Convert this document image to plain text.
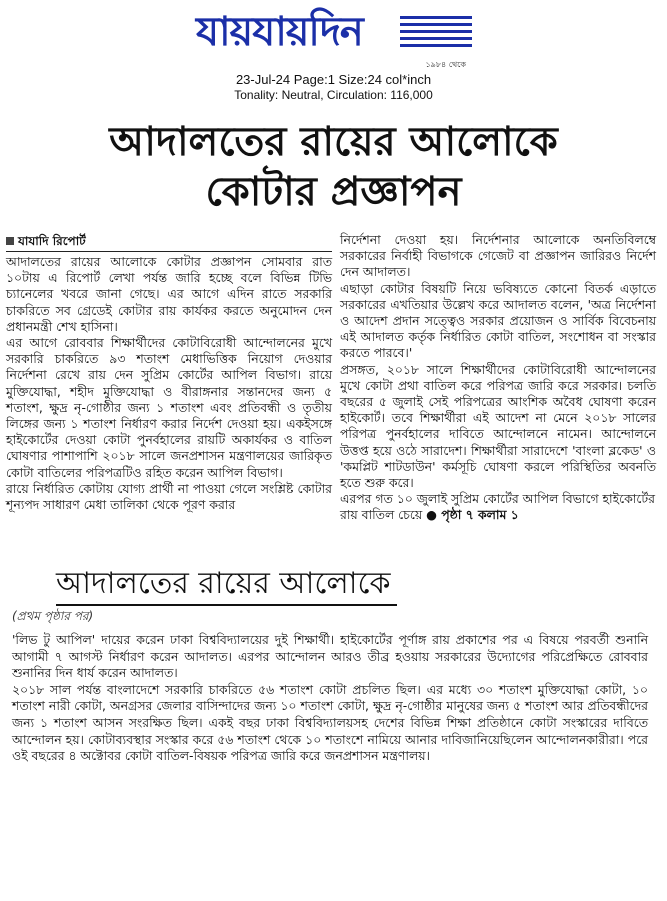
যায়যায়দিন
১৯৮৪ থেকে
23-Jul-24 Page:1 Size:24 col*inch
Tonality: Neutral, Circulation: 116,000
আদালতের রায়ের আলোকে
কোটার প্রজ্ঞাপন
যাযাদি রিপোর্ট

আদালতের রায়ের আলোকে কোটার প্রজ্ঞাপন সোমবার রাত ১০টায় এ রিপোর্ট লেখা পর্যন্ত জারি হচ্ছে বলে বিভিন্ন টিভি চ্যানেলের খবরে জানা গেছে। এর আগে এদিন রাতে সরকারি চাকরিতে সব গ্রেডেই কোটার রায় কার্যকর করতে অনুমোদন দেন প্রধানমন্ত্রী শেখ হাসিনা।

এর আগে রোববার শিক্ষার্থীদের কোটাবিরোধী আন্দোলনের মুখে সরকারি চাকরিতে ৯৩ শতাংশ মেধাভিত্তিক নিয়োগ দেওয়ার নির্দেশনা রেখে রায় দেন সুপ্রিম কোর্টের আপিল বিভাগ। রায়ে মুক্তিযোদ্ধা, শহীদ মুক্তিযোদ্ধা ও বীরাঙ্গনার সন্তানদের জন্য ৫ শতাংশ, ক্ষুদ্র নৃ-গোষ্ঠীর জন্য ১ শতাংশ এবং প্রতিবন্ধী ও তৃতীয় লিঙ্গের জন্য ১ শতাংশ নির্ধারণ করার নির্দেশ দেওয়া হয়। একইসঙ্গে হাইকোর্টের দেওয়া কোটা পুনর্বহালের রায়টি অকার্যকর ও বাতিল ঘোষণার পাশাপাশি ২০১৮ সালে জনপ্রশাসন মন্ত্রণালয়ের জারিকৃত কোটা বাতিলের পরিপত্রটিও রহিত করেন আপিল বিভাগ।

রায়ে নির্ধারিত কোটায় যোগ্য প্রার্থী না পাওয়া গেলে সংশ্লিষ্ট কোটার শূন্যপদ সাধারণ মেধা তালিকা থেকে পূরণ করার

নির্দেশনা দেওয়া হয়। নির্দেশনার আলোকে অনতিবিলম্বে সরকারের নির্বাহী বিভাগকে গেজেট বা প্রজ্ঞাপন জারিরও নির্দেশ দেন আদালত।

এছাড়া কোটার বিষয়টি নিয়ে ভবিষ্যতে কোনো বিতর্ক এড়াতে সরকারের এখতিয়ার উল্লেখ করে আদালত বলেন, 'অত্র নির্দেশনা ও আদেশ প্রদান সত্ত্বেও সরকার প্রয়োজন ও সার্বিক বিবেচনায় এই আদালত কর্তৃক নির্ধারিত কোটা বাতিল, সংশোধন বা সংস্কার করতে পারবে।'

প্রসঙ্গত, ২০১৮ সালে শিক্ষার্থীদের কোটাবিরোধী আন্দোলনের মুখে কোটা প্রথা বাতিল করে পরিপত্র জারি করে সরকার। চলতি বছরের ৫ জুলাই সেই পরিপত্রের আংশিক অবৈধ ঘোষণা করেন হাইকোর্ট। তবে শিক্ষার্থীরা এই আদেশ না মেনে ২০১৮ সালের পরিপত্র পুনর্বহালের দাবিতে আন্দোলনে নামেন। আন্দোলনে উত্তপ্ত হয়ে ওঠে সারাদেশ। শিক্ষার্থীরা সারাদেশে 'বাংলা ব্লকেড' ও 'কমপ্লিট শাটডাউন' কর্মসূচি ঘোষণা করলে পরিস্থিতির অবনতি হতে শুরু করে।

এরপর গত ১০ জুলাই সুপ্রিম কোর্টের আপিল বিভাগে হাইকোর্টের রায় বাতিল চেয়ে ● পৃষ্ঠা ৭ কলাম ১

আদালতের রায়ের আলোকে
(প্রথম পৃষ্ঠার পর)

'লিভ টু আপিল' দায়ের করেন ঢাকা বিশ্ববিদ্যালয়ের দুই শিক্ষার্থী। হাইকোর্টের পূর্ণাঙ্গ রায় প্রকাশের পর এ বিষয়ে পরবর্তী শুনানি আগামী ৭ আগস্ট নির্ধারণ করেন আদালত। এরপর আন্দোলন আরও তীব্র হওয়ায় সরকারের উদ্যোগের পরিপ্রেক্ষিতে রোববার শুনানির দিন ধার্য করেন আদালত।

২০১৮ সাল পর্যন্ত বাংলাদেশে সরকারি চাকরিতে ৫৬ শতাংশ কোটা প্রচলিত ছিল। এর মধ্যে ৩০ শতাংশ মুক্তিযোদ্ধা কোটা, ১০ শতাংশ নারী কোটা, অনগ্রসর জেলার বাসিন্দাদের জন্য ১০ শতাংশ কোটা, ক্ষুদ্র নৃ-গোষ্ঠীর মানুষের জন্য ৫ শতাংশ আর প্রতিবন্ধীদের জন্য ১ শতাংশ আসন সংরক্ষিত ছিল। একই বছর ঢাকা বিশ্ববিদ্যালয়সহ দেশের বিভিন্ন শিক্ষা প্রতিষ্ঠানে কোটা সংস্কারের দাবিতে আন্দোলন হয়। কোটাব্যবস্থার সংস্কার করে ৫৬ শতাংশ থেকে ১০ শতাংশে নামিয়ে আনার দাবিজানিয়েছিলেন আন্দোলনকারীরা। পরে ওই বছরের ৪ অক্টোবর কোটা বাতিল-বিষয়ক পরিপত্র জারি করে জনপ্রশাসন মন্ত্রণালয়।
